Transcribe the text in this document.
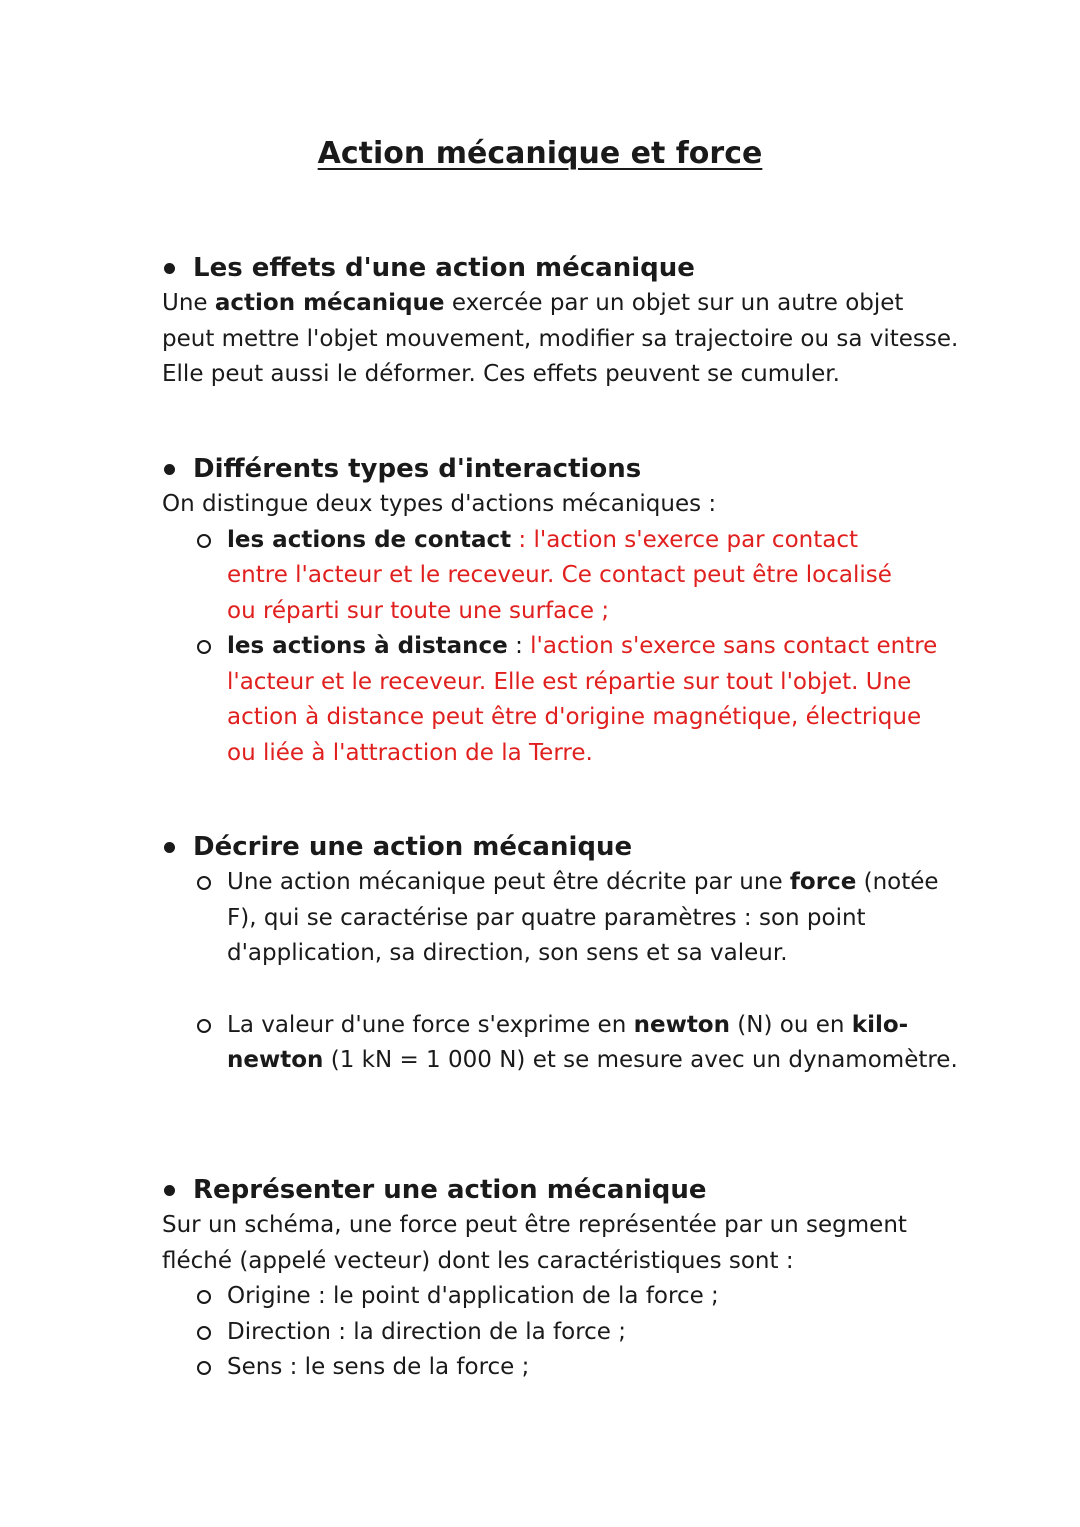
Action mécanique et force
Les effets d'une action mécanique
Une action mécanique exercée par un objet sur un autre objet peut mettre l'objet mouvement, modifier sa trajectoire ou sa vitesse. Elle peut aussi le déformer. Ces effets peuvent se cumuler.
Différents types d'interactions
On distingue deux types d'actions mécaniques :
les actions de contact : l'action s'exerce par contact entre l'acteur et le receveur. Ce contact peut être localisé ou réparti sur toute une surface ;
les actions à distance : l'action s'exerce sans contact entre l'acteur et le receveur. Elle est répartie sur tout l'objet. Une action à distance peut être d'origine magnétique, électrique ou liée à l'attraction de la Terre.
Décrire une action mécanique
Une action mécanique peut être décrite par une force (notée F), qui se caractérise par quatre paramètres : son point d'application, sa direction, son sens et sa valeur.
La valeur d'une force s'exprime en newton (N) ou en kilo-newton (1 kN = 1 000 N) et se mesure avec un dynamomètre.
Représenter une action mécanique
Sur un schéma, une force peut être représentée par un segment fléché (appelé vecteur) dont les caractéristiques sont :
Origine : le point d'application de la force ;
Direction : la direction de la force ;
Sens : le sens de la force ;
